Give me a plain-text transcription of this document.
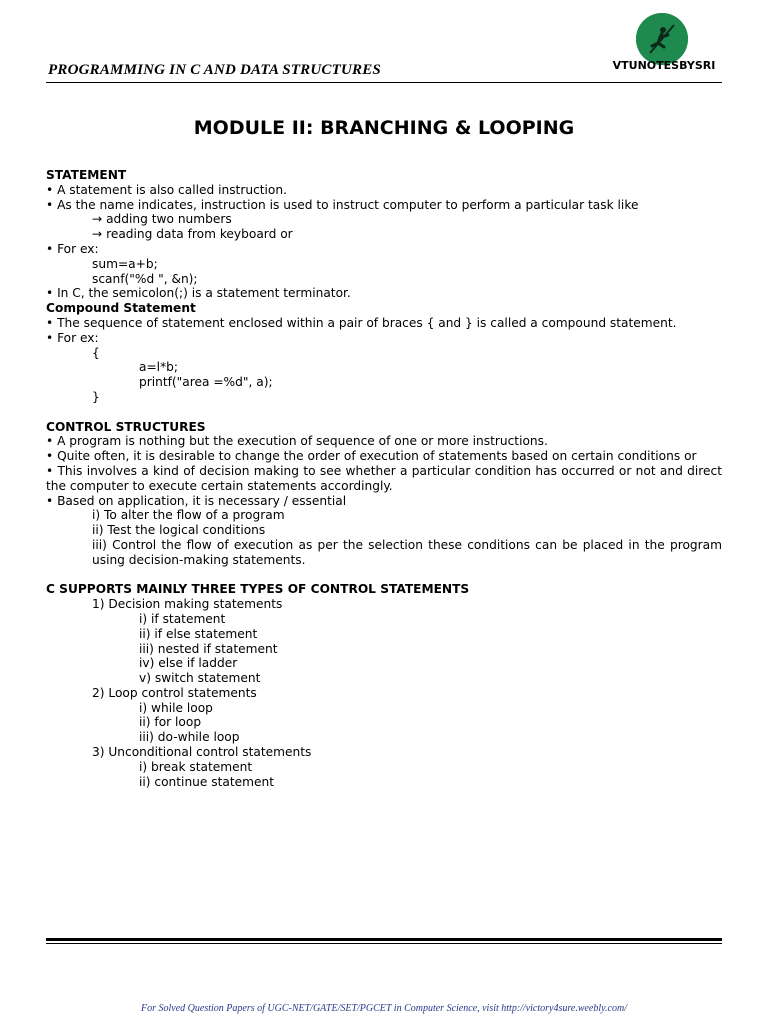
PROGRAMMING IN C AND DATA STRUCTURES	VTUNOTESBYSRI
MODULE II: BRANCHING & LOOPING
STATEMENT
• A statement is also called instruction.
• As the name indicates, instruction is used to instruct computer to perform a particular task like
→ adding two numbers
→ reading data from keyboard or
• For ex:
sum=a+b;
scanf("%d ", &n);
• In C, the semicolon(;) is a statement terminator.
Compound Statement
• The sequence of statement enclosed within a pair of braces { and } is called a compound statement.
• For ex:
{
a=l*b;
printf("area =%d", a);
}
CONTROL STRUCTURES
• A program is nothing but the execution of sequence of one or more instructions.
• Quite often, it is desirable to change the order of execution of statements based on certain conditions or
• This involves a kind of decision making to see whether a particular condition has occurred or not and direct the computer to execute certain statements accordingly.
• Based on application, it is necessary / essential
i) To alter the flow of a program
ii) Test the logical conditions
iii) Control the flow of execution as per the selection these conditions can be placed in the program using decision-making statements.
C SUPPORTS MAINLY THREE TYPES OF CONTROL STATEMENTS
1) Decision making statements
i) if statement
ii) if else statement
iii) nested if statement
iv) else if ladder
v) switch statement
2) Loop control statements
i) while loop
ii) for loop
iii) do-while loop
3) Unconditional control statements
i) break statement
ii) continue statement
For Solved Question Papers of UGC-NET/GATE/SET/PGCET in Computer Science, visit http://victory4sure.weebly.com/
